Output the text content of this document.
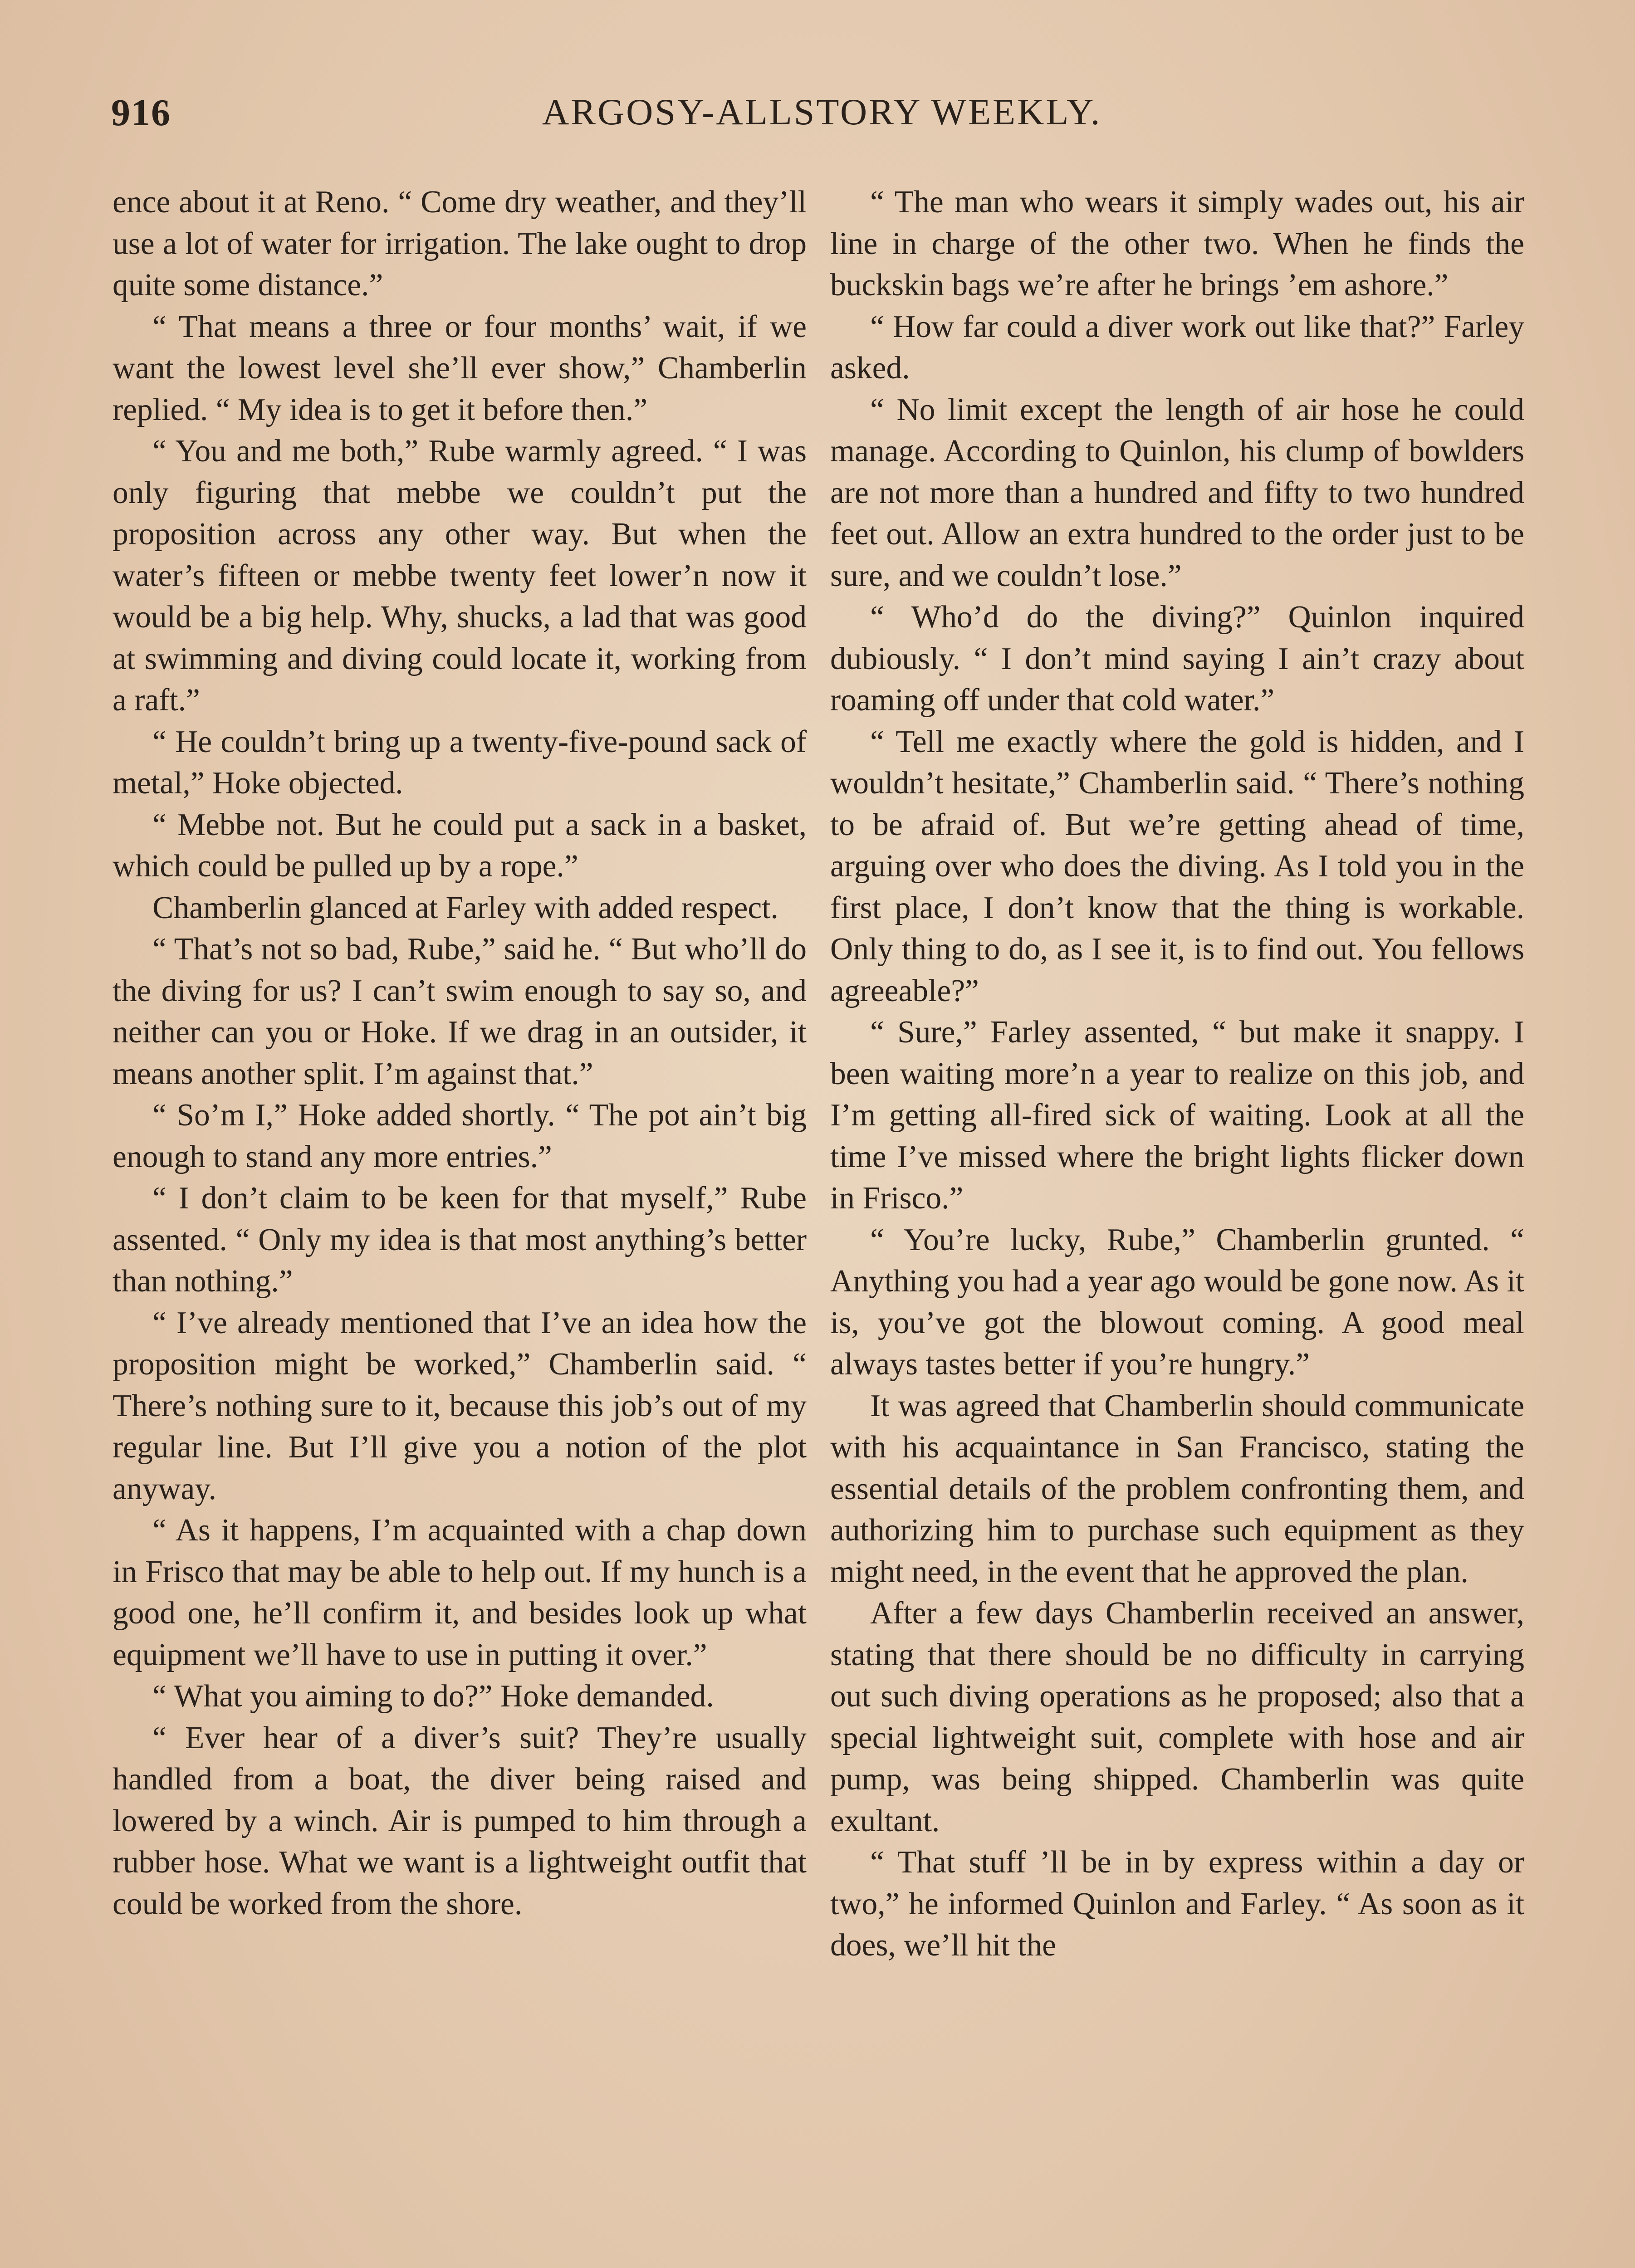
916	ARGOSY-ALLSTORY WEEKLY.

ence about it at Reno. “ Come dry weather, and they’ll use a lot of water for irrigation. The lake ought to drop quite some distance.”

“ That means a three or four months’ wait, if we want the lowest level she’ll ever show,” Chamberlin replied. “ My idea is to get it before then.”

“ You and me both,” Rube warmly agreed. “ I was only figuring that mebbe we couldn’t put the proposition across any other way. But when the water’s fifteen or mebbe twenty feet lower’n now it would be a big help. Why, shucks, a lad that was good at swimming and diving could locate it, working from a raft.”

“ He couldn’t bring up a twenty-five-pound sack of metal,” Hoke objected.

“ Mebbe not. But he could put a sack in a basket, which could be pulled up by a rope.”

Chamberlin glanced at Farley with added respect.

“ That’s not so bad, Rube,” said he. “ But who’ll do the diving for us? I can’t swim enough to say so, and neither can you or Hoke. If we drag in an outsider, it means another split. I’m against that.”

“ So’m I,” Hoke added shortly. “ The pot ain’t big enough to stand any more entries.”

“ I don’t claim to be keen for that myself,” Rube assented. “ Only my idea is that most anything’s better than nothing.”

“ I’ve already mentioned that I’ve an idea how the proposition might be worked,” Chamberlin said. “ There’s nothing sure to it, because this job’s out of my regular line. But I’ll give you a notion of the plot anyway.

“ As it happens, I’m acquainted with a chap down in Frisco that may be able to help out. If my hunch is a good one, he’ll confirm it, and besides look up what equipment we’ll have to use in putting it over.”

“ What you aiming to do?” Hoke demanded.

“ Ever hear of a diver’s suit? They’re usually handled from a boat, the diver being raised and lowered by a winch. Air is pumped to him through a rubber hose. What we want is a lightweight outfit that could be worked from the shore.

“ The man who wears it simply wades out, his air line in charge of the other two. When he finds the buckskin bags we’re after he brings ’em ashore.”

“ How far could a diver work out like that?” Farley asked.

“ No limit except the length of air hose he could manage. According to Quinlon, his clump of bowlders are not more than a hundred and fifty to two hundred feet out. Allow an extra hundred to the order just to be sure, and we couldn’t lose.”

“ Who’d do the diving?” Quinlon inquired dubiously. “ I don’t mind saying I ain’t crazy about roaming off under that cold water.”

“ Tell me exactly where the gold is hidden, and I wouldn’t hesitate,” Chamberlin said. “ There’s nothing to be afraid of. But we’re getting ahead of time, arguing over who does the diving. As I told you in the first place, I don’t know that the thing is workable. Only thing to do, as I see it, is to find out. You fellows agreeable?”

“ Sure,” Farley assented, “ but make it snappy. I been waiting more’n a year to realize on this job, and I’m getting all-fired sick of waiting. Look at all the time I’ve missed where the bright lights flicker down in Frisco.”

“ You’re lucky, Rube,” Chamberlin grunted. “ Anything you had a year ago would be gone now. As it is, you’ve got the blowout coming. A good meal always tastes better if you’re hungry.”

It was agreed that Chamberlin should communicate with his acquaintance in San Francisco, stating the essential details of the problem confronting them, and authorizing him to purchase such equipment as they might need, in the event that he approved the plan.

After a few days Chamberlin received an answer, stating that there should be no difficulty in carrying out such diving operations as he proposed; also that a special lightweight suit, complete with hose and air pump, was being shipped. Chamberlin was quite exultant.

“ That stuff ’ll be in by express within a day or two,” he informed Quinlon and Farley. “ As soon as it does, we’ll hit the
